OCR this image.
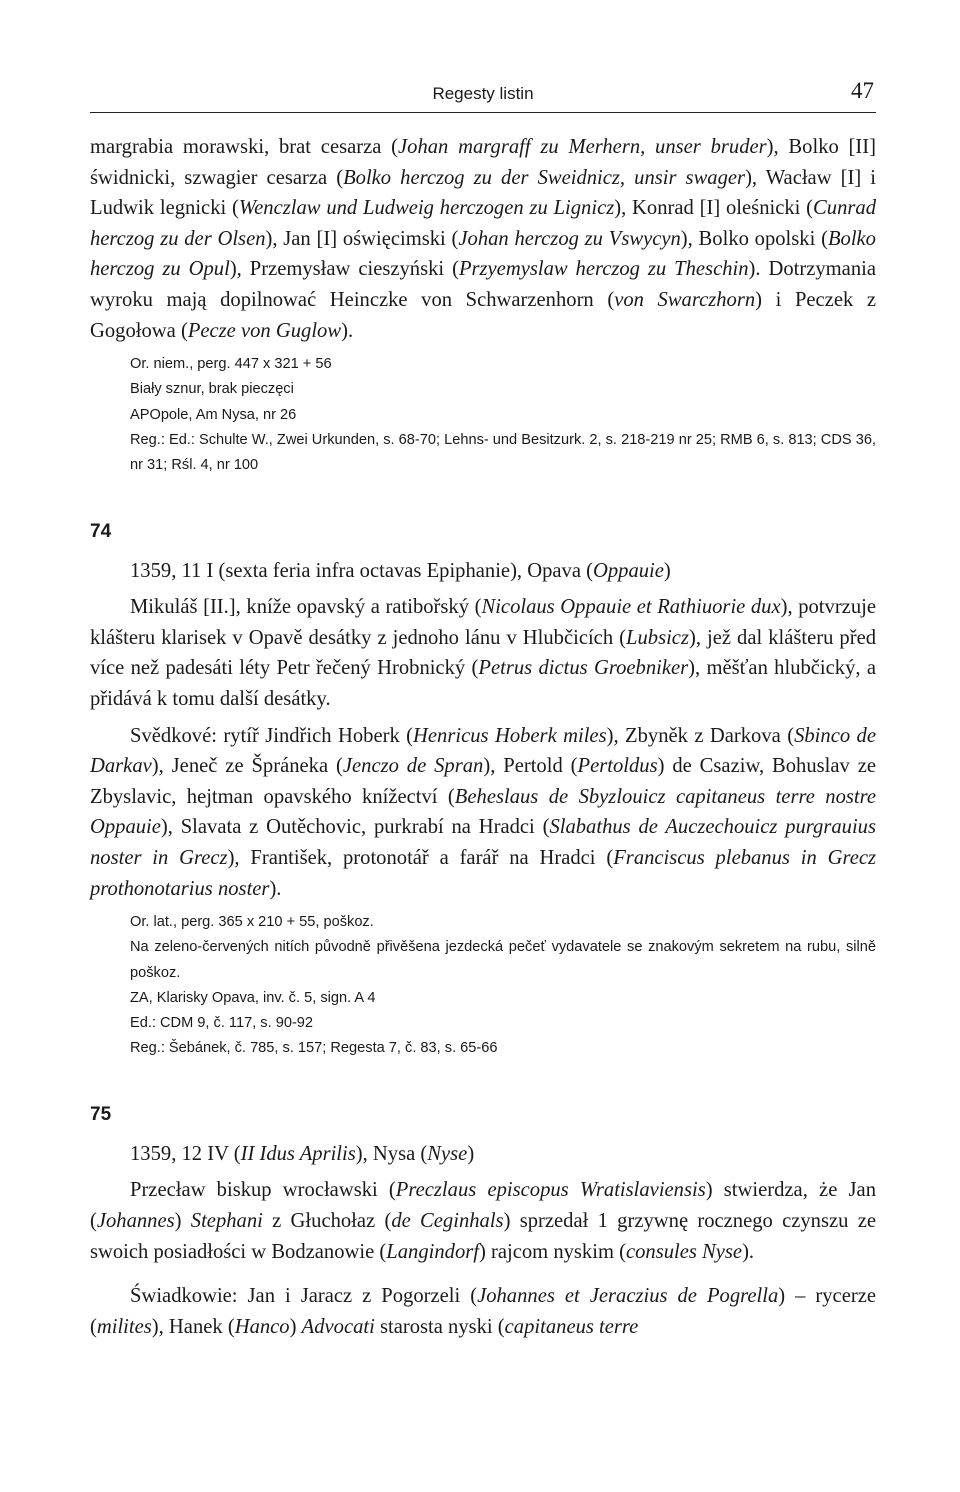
Regesty listin	47

margrabia morawski, brat cesarza (Johan margraff zu Merhern, unser bruder), Bolko [II] świdnicki, szwagier cesarza (Bolko herczog zu der Sweidnicz, unsir swager), Wacław [I] i Ludwik legnicki (Wenczlaw und Ludweig herczogen zu Lignicz), Konrad [I] oleśnicki (Cunrad herczog zu der Olsen), Jan [I] oświęcimski (Johan herczog zu Vswycyn), Bolko opolski (Bolko herczog zu Opul), Przemysław cieszyński (Przyemyslaw herczog zu Theschin). Dotrzymania wyroku mają dopilnować Heinczke von Schwarzenhorn (von Swarczhorn) i Peczek z Gogołowa (Pecze von Guglow).

Or. niem., perg. 447 x 321 + 56

Biały sznur, brak pieczęci

APOpole, Am Nysa, nr 26

Reg.: Ed.: Schulte W., Zwei Urkunden, s. 68-70; Lehns- und Besitzurk. 2, s. 218-219 nr 25; RMB 6, s. 813; CDS 36, nr 31; Rśl. 4, nr 100

74

1359, 11 I (sexta feria infra octavas Epiphanie), Opava (Oppauie)

Mikuláš [II.], kníže opavský a ratibořský (Nicolaus Oppauie et Rathiuorie dux), potvrzuje klášteru klarisek v Opavě desátky z jednoho lánu v Hlubčicích (Lubsicz), jež dal klášteru před více než padesáti léty Petr řečený Hrobnický (Petrus dictus Groebniker), měšťan hlubčický, a přidává k tomu další desátky.

Svědkové: rytíř Jindřich Hoberk (Henricus Hoberk miles), Zbyněk z Darkova (Sbinco de Darkav), Jeneč ze Špráneka (Jenczo de Spran), Pertold (Pertoldus) de Csaziw, Bohuslav ze Zbyslavic, hejtman opavského knížectví (Beheslaus de Sbyzlouicz capitaneus terre nostre Oppauie), Slavata z Outěchovic, purkrabí na Hradci (Slabathus de Auczechouicz purgrauius noster in Grecz), František, protonotář a farář na Hradci (Franciscus plebanus in Grecz prothonotarius noster).

Or. lat., perg. 365 x 210 + 55, poškoz.

Na zeleno-červených nitích původně přivěšena jezdecká pečeť vydavatele se znakovým sekretem na rubu, silně poškoz.

ZA, Klarisky Opava, inv. č. 5, sign. A 4

Ed.: CDM 9, č. 117, s. 90-92

Reg.: Šebánek, č. 785, s. 157; Regesta 7, č. 83, s. 65-66

75

1359, 12 IV (II Idus Aprilis), Nysa (Nyse)

Przecław biskup wrocławski (Preczlaus episcopus Wratislaviensis) stwierdza, że Jan (Johannes) Stephani z Głuchołaz (de Ceginhals) sprzedał 1 grzywnę rocznego czynszu ze swoich posiadłości w Bodzanowie (Langindorf) rajcom nyskim (consules Nyse).

Świadkowie: Jan i Jaracz z Pogorzeli (Johannes et Jeraczius de Pogrella) – rycerze (milites), Hanek (Hanco) Advocati starosta nyski (capitaneus terre
